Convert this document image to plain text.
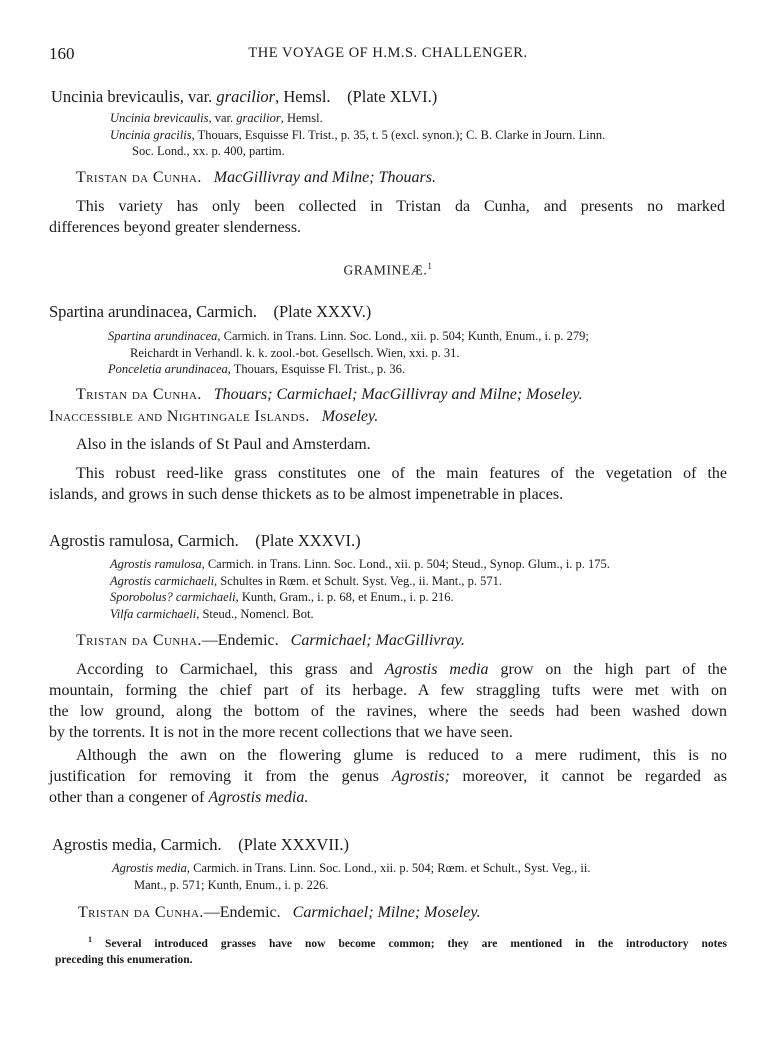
160	THE VOYAGE OF H.M.S. CHALLENGER.
Uncinia brevicaulis, var. gracilior, Hemsl. (Plate XLVI.)
Uncinia brevicaulis, var. gracilior, Hemsl.
Uncinia gracilis, Thouars, Esquisse Fl. Trist., p. 35, t. 5 (excl. synon.); C. B. Clarke in Journ. Linn.
Soc. Lond., xx. p. 400, partim.
Tristan da Cunha. MacGillivray and Milne; Thouars.
This variety has only been collected in Tristan da Cunha, and presents no marked
differences beyond greater slenderness.
GRAMINEÆ.$^1$
Spartina arundinacea, Carmich. (Plate XXXV.)
Spartina arundinacea, Carmich. in Trans. Linn. Soc. Lond., xii. p. 504; Kunth, Enum., i. p. 279;
Reichardt in Verhandl. k. k. zool.-bot. Gesellsch. Wien, xxi. p. 31.
Ponceletia arundinacea, Thouars, Esquisse Fl. Trist., p. 36.
Tristan da Cunha. Thouars; Carmichael; MacGillivray and Milne; Moseley.
Inaccessible and Nightingale Islands. Moseley.
Also in the islands of St Paul and Amsterdam.
This robust reed-like grass constitutes one of the main features of the vegetation of the
islands, and grows in such dense thickets as to be almost impenetrable in places.
Agrostis ramulosa, Carmich. (Plate XXXVI.)
Agrostis ramulosa, Carmich. in Trans. Linn. Soc. Lond., xii. p. 504; Steud., Synop. Glum., i. p. 175.
Agrostis carmichaeli, Schultes in Rœm. et Schult. Syst. Veg., ii. Mant., p. 571.
Sporobolus? carmichaeli, Kunth, Gram., i. p. 68, et Enum., i. p. 216.
Vilfa carmichaeli, Steud., Nomencl. Bot.
Tristan da Cunha.—Endemic. Carmichael; MacGillivray.
According to Carmichael, this grass and Agrostis media grow on the high part of the
mountain, forming the chief part of its herbage. A few straggling tufts were met with on
the low ground, along the bottom of the ravines, where the seeds had been washed down
by the torrents. It is not in the more recent collections that we have seen.
Although the awn on the flowering glume is reduced to a mere rudiment, this is no
justification for removing it from the genus Agrostis; moreover, it cannot be regarded as
other than a congener of Agrostis media.
Agrostis media, Carmich. (Plate XXXVII.)
Agrostis media, Carmich. in Trans. Linn. Soc. Lond., xii. p. 504; Rœm. et Schult., Syst. Veg., ii.
Mant., p. 571; Kunth, Enum., i. p. 226.
Tristan da Cunha.—Endemic. Carmichael; Milne; Moseley.
$^1$ Several introduced grasses have now become common; they are mentioned in the introductory notes
preceding this enumeration.
